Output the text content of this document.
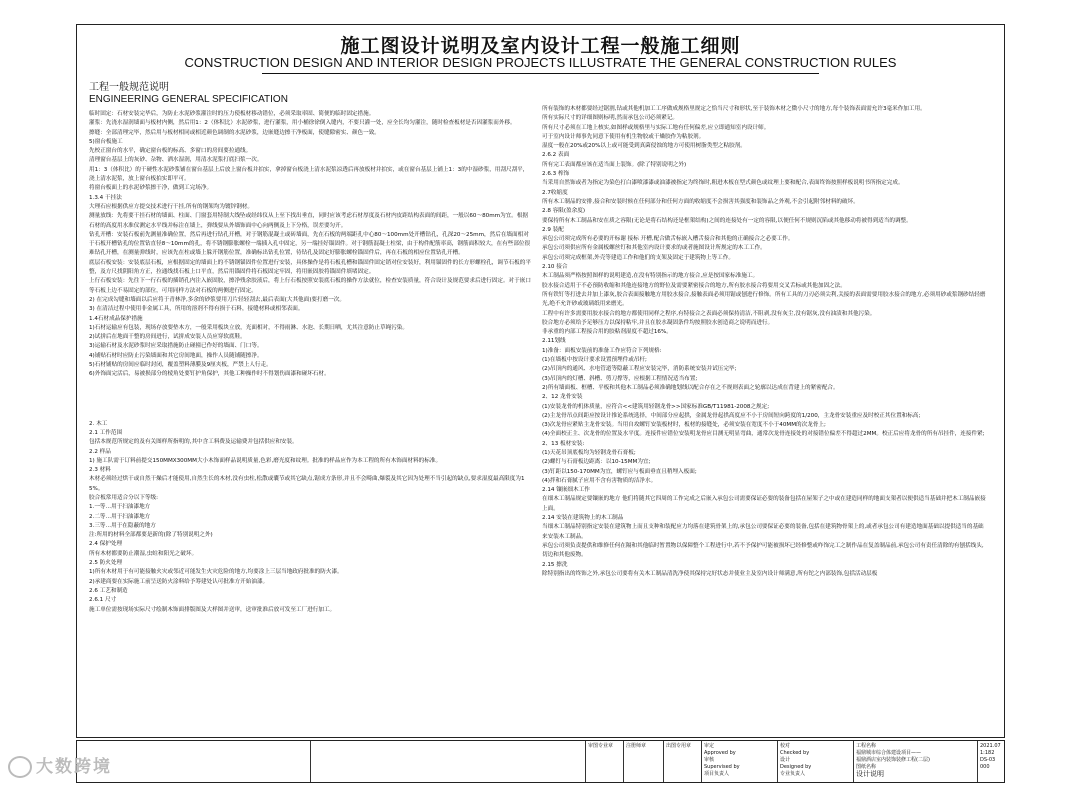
施工图设计说明及室内设计工程一般施工细则
CONSTRUCTION DESIGN AND INTERIOR DESIGN PROJECTS ILLUSTRATE THE GENERAL CONSTRUCTION RULES

工程一般规范说明

ENGINEERING GENERAL SPECIFICATION

临时固定：石材安装完毕后，为防止水泥砂浆灌注时的压力使板材移动错位，必须采取率固、简便的临时固定措施。

灌浆：先浇水湿润墙面与板材内侧，然后用1：2（体积比）水泥砂浆，进行灌浆，用小桶徐徐倒入缝内，不要只灌一处，应全长均匀灌注，随时检查板材是否因灌浆而外移。

擦缝：全部清理完毕，然后用与板材相同或相近颜色调制的水泥砂浆，边嵌缝边擦干净板面，使缝隙密实、颜色一致。

5)窗台板施工

先校正窗台的水平，确定窗台板的标高、多窗口的房间要拉通线。

清理窗台基层上的灰砂、杂物、洒水湿润，用清水泥浆打底扫浆一次。

用1：3（体积比）的干硬性水泥砂浆铺在窗台基层上后放上窗台板并拍实，拿掉窗台板浇上清水泥浆凉透后再放板材并拍实，或在窗台基层上铺上1：3的中湿砂浆，用刮尺刮平，浇上清水泥浆，放上窗台板拍实即平可。

将窗台板面上的水泥砂浆擦干净，做到工完场净。

1.3.4 干挂法

大理石应根据供应方提交技术进行干挂,所有的钢架均为镀锌钢材。

测量放线：先将要干挂石材的墙面、柱面、门窗套用特制大线坠或经纬仪从上至下找出垂直，同时应该考虑石材厚度及石材内皮距结构表面的间距，一般以60～80mm为宜。根据石材的高度用水准仪测定水平线并标注在墙上，弹线要从外墙饰面中心向两侧及上下分格，误差要匀开。

钻孔开槽：安装石板前先测量准确位置，然后再进行钻孔开槽，对于钢筋混凝土或砖墙面，先在石板的两端距孔中心80～100mm处开槽钻孔，孔深20～25mm，然后在墙面相对于石板开槽钻孔的位置钻直径8～10mm的孔，将不锈钢膨胀螺栓一端插入孔中固定，另一端挂好锚固件。对于钢筋混凝土柱梁，由于构件配筋率高，钢筋面积较大，在有些部位很难钻孔开槽，在测量弹线时，应该先在柱或墙上躲开钢筋位置，准确标出钻孔位置，待钻孔及固定好膨胀螺栓锚固件后，再在石板的相应位置钻孔开槽。

底层石板安装：安装底层石板，应根据固定的墙面上的不锈钢锚固件位置进行安装，具体操作是将石板孔槽和锚固件固定销对位安装好，利用锚固件的长方形螺栓孔，调节石板的平整，及方尺找阴阳角方正，拉通线找石板上口平直，然后用锚固件将石板固定牢固，将用嵌固胶将锚固件填堵固定。

上行石板安装：先往下一行石板的插销孔内注入嵌固胶，擦净残余胶液后，将上行石板按照安装底石板的操作方法就位，检查安装质量，符合设计及规范要求后进行固定。对于嵌口等石板上边不易固定的部位，可用同样方法对石板的两侧进行固定。

2) 在完成勾缝和墙面以后应将于青林净,多余的砂浆要用刀片轻轻刮去,最后表面(大其他面)要打磨一次。

3) 在清洁过程中使用非金属工具，所用的溶剂不得有损于石料，接缝材料或相邻表面。

1.4石材成品保护措施

1)石材运输应有包装，现场存放要垫木方，一般采用板块立放，光面相对，不得雨淋、水泡、长期日晒，尤其注意防止草绳污染。

2)试拼后在地面干整的房间进行，试拼成安装人员应穿软底鞋。

3)运输石材及水泥砂浆时应采取措施防止碰撞已作好的墙面、门口等。

4)铺贴石材时应防止污染墙面和其它房间地面，操作人员随铺随擦净。

5)石材铺贴的房间应临时封闭，覆盖塑料薄膜及9厘夹板，严禁上人行走。

6)外饰面完活后，易被损部分的棱角处要钉护角保护，其他工种操作时不得划伤面漆和碰坏石材。

2. 木工

2.1 工作范围

包括本规范所规定的及有关图样所指明的,其中含工料费及运输费并包括供应和安装。

2.2 样品

1) 施工队需于订料前提交150MMX300MM大小木饰面样品说明质量,色彩,磨光度和纹理。批准的样品应作为本工程的所有木饰面材料的标准。

2.3 材料

木材必须经过烘干或自然干燥后才能使用,自然生长的木材,没有虫柱,松散或囊节或其它缺点,锯成方条形,并且不会畸曲,爆裂及其它因为处理不当引起的缺点,要求湿度最高限度为15%。

胶合板常用适合分以下等级:

1.一等…用于扫油漆地方

2.二等…用于扫油漆地方

3.三等…用于在隐蔽的地方

注:所用的材料全部都要是新的(除了特别说明之外)

2.4 保护处理

所有木材都要防止潮湿,虫蛀和阳光之破坏。

2.5 防火处理

1)所有木材用于有可能接触火灾或邻近可能发生火灾危险的地方,均要涂上三层当地政府批准的防火漆。

2)承建商要在实际施工前呈送防火涂料给予筹建处认可批准方开始油漆。

2.6 工艺和制造

2.6.1 尺寸

施工单位需按现场实际尺寸绘制木饰面排版图及大样图并送审，送审批准后放可发至工厂进行加工。

所有装饰的木材都要经过锯割,钻或其他机加工工序做成规格里规定之恰当尺寸和形状,至于装饰木材之微小尺寸的地方,每个装饰表面需允许3毫米作加工用。

所有实际尺寸的详细图则标明,然而承包公司必须紧记。

所有尺寸必须在工地上核实,如图样或规格里与实际工地有任何偏差,应立即通知室内设计师。

可于室内设计师事先同意下使用有机生物胶或干燥胶作为粘胶剂。

湿度一般在20%或20%以上或可能受到真菌侵蚀的地方可使用树脂类型之粘胶剂。

2.6.2 表面

所有完工表面都应该在适当面上装饰。(除了特别说明之外)

2.6.3 榨饰

当采用自然饰或者为指定为染色打白漆喷漆漆或油漆被指定为终饰时,粗进木板在型式颜色或纹理上要和配合,表面终饰按照样板说明书所指定完成。

2.7收缩度

所有木工制品的安排,接合和安装时候在任何部分和任何方面的收缩度不会损害其强度和装饰品之外观,不会引起附邻材料的破坏。

2.8 容限(盈余度)

要保持所有木工制品和安在质之容限(无论是将石结构还是框架结构)之间的连接处有一定的容限,以便任何不规则沉陷或其他移动将被得到适当的调整。

2.9 装配

承包公司须完成所有必要的开标谢 接标 开槽,配合做舌标嵌入槽舌接合和其他的正确接合之必要工作。

承包公司须供应所有金属板螺丝钉和其他室内设计要求的或者施图设计所规定的木工工作。

承包公司须完成框架,外壳等建造工作和他们的支架及固定于建筑物上等工作。

2.10 接合

木工制品须严格按照图样的说明建造,在没有特别指示的地方接合,应是按国家标准施工。

胶水接合适用于不必预防收缩和其他连接地方的野位及需要紧密接合的地方,所有胶水接合将要用交叉舌标或其他加固之法。

所有铁钉等打进去并加上漆灰,胶合表面接触地方用胶水接合,接触表面必须用锯或刨进行修饰。所有工具的刀刃必须尖利,关接的表面需要用胶水接合的地方,必须用砂或浆钢砂结轻磨光,绝不允许砂或玻璃纸用来磨光。

工程中有许多需要用胶水接合的地方都使用同样之程序,有特接合之表面必须保持清洁,不阻剥,没有灰尘,没有锯灰,没有油渍和其他污染。

胶合地方必须给予足够压力以保持粘牢,并且在胶水凝固条件均按照胶水创造商之说明而进行。

非承重的内部工程接合用的胶粘剂湿度不超过16%。

2.11划线

1)准备：面板安装前的准备工作应符合下列规格:

(1)在墙板中按设计要求设置预埋件或吊杆;

(2)吊顶内的通风、水电管道等隐蔽工程应安装完毕，消防系统安装并试压完毕;

(3)吊顶内的灯槽、斜槽、剪刀撑等，应根据工程情况适当布置;

2)所有墙面板、框槽、平板和其他木工制品必须准确地划线以配合存在之不规则表面之轮廓以达成在背建上的紧密配合。

2、12 龙骨安装

(1)安装龙骨的机体质量，应符合<<建筑用轻钢龙骨>>国家标准GB/T11981-2008之规定;

(2)主龙骨吊点间距应按设计推论系统选择，中间部分应起拱，金属龙骨起拱高度应不小于房间短向跨度的1/200，主龙骨安装重应及时校正其位置和标高;

(3)次龙骨应紧贴主龙骨安装。当用自攻螺钉安装板材时，板材的接缝处，必须安装在宽度不小于40MM的次龙骨上;

(4)全面校正主、次龙骨的位置及水平度。连接件应错位安装明龙骨应目测无明显弯曲，通常次龙骨连接处的对接错位偏差不得超过2MM。校正后应将龙骨的所有吊挂件，连接件紧;

2、13 板材安装:

(1)天花吊顶底板均为轻钢龙骨石膏板;

(2)螺钉与石膏板边距离：以10-15MM为宜;

(3)钉距以150-170MM为宜，螺钉应与板面垂直且稍埋入板面;

(4)拌和石膏腻子应用不含有害物质的洁净水。

2.14 镶嵌细木工作

在细木工制品规定要镶嵌的地方 他们将随其它四周的工作完成之后嵌入承包公司需要保证必要的装备包括在屋架子之中或在建造同样的地面支架者以便供适当基础并把木工制品嵌接上面。

2.14 安装在建筑物上的木工制品

当细木工制品特别指定安装在建筑物上而且支种和装配应力均落在建筑骨架上的,承包公司要保证必要的装备,包括在建筑物骨架上的,或者承包公司有建造地面基础以提供适当的基础来安装木工制品。

承包公司须负责提供和维修任何在隔和其他临时暂置物以保障整个工程进行中,若不予保护可能被损坏已经修整或咋饰完工之制作品在复盖制品前,承包公司有责任清除的有刨括线头,切边和其他废物。

2.15 擦洗

除特别指出的终饰之外,承包公司要将有关木工制品清洗净使其保持完好状态并使业主及室内设计师满意,所有铊之内部装饰,包括活动层板

审图专业章	注册师章	出图专用章	审定
Approved by
审核
Supervised by
项目负责人
校对
Checked by
设计
Designed by
专业负责人
工程名称
福鼎城市综合体建设项目——
福鼎酒店室内装饰装修工程(二层)
图纸名称
设计说明
2021.07
1:182
DS-03
000
大数跨境
